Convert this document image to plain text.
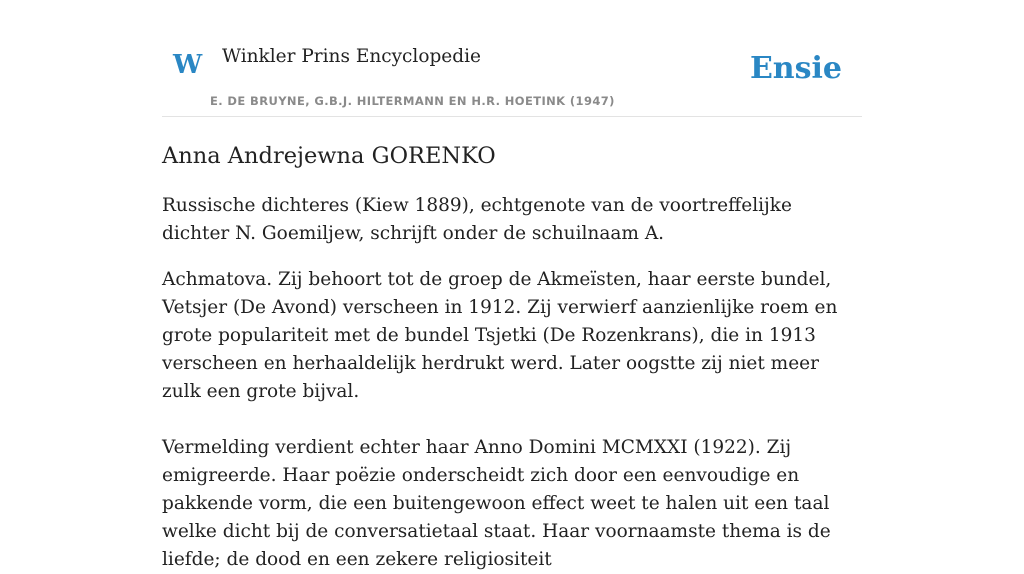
W Winkler Prins Encyclopedie
E. DE BRUYNE, G.B.J. HILTERMANN EN H.R. HOETINK (1947)
Ensie
Anna Andrejewna GORENKO

Russische dichteres (Kiew 1889), echtgenote van de voortreffelijke dichter N. Goemiljew, schrijft onder de schuilnaam A.

Achmatova. Zij behoort tot de groep de Akmeïsten, haar eerste bundel, Vetsjer (De Avond) verscheen in 1912. Zij verwierf aanzienlijke roem en grote populariteit met de bundel Tsjetki (De Rozenkrans), die in 1913 verscheen en herhaaldelijk herdrukt werd. Later oogstte zij niet meer zulk een grote bijval.

Vermelding verdient echter haar Anno Domini MCMXXI (1922). Zij emigreerde. Haar poëzie onderscheidt zich door een eenvoudige en pakkende vorm, die een buitengewoon effect weet te halen uit een taal welke dicht bij de conversatietaal staat. Haar voornaamste thema is de liefde; de dood en een zekere religiositeit
